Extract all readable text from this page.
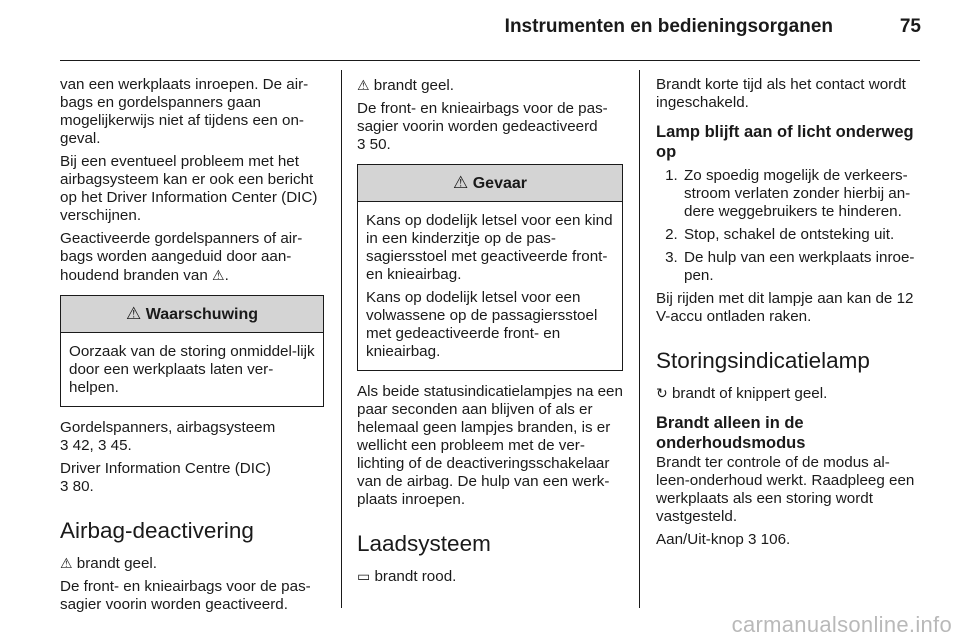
Instrumenten en bedieningsorganen	75

van een werkplaats inroepen. De air-bags en gordelspanners gaan mogelijkerwijs niet af tijdens een on-geval.

Bij een eventueel probleem met het airbagsysteem kan er ook een bericht op het Driver Information Center (DIC) verschijnen.

Geactiveerde gordelspanners of air-bags worden aangeduid door aan-houdend branden van ⚠.

⚠ Waarschuwing

Oorzaak van de storing onmiddel-lijk door een werkplaats laten ver-helpen.

Gordelspanners, airbagsysteem
3 42, 3 45.

Driver Information Centre (DIC)
3 80.

Airbag-deactivering

⚠ brandt geel.

De front- en knieairbags voor de pas-sagier voorin worden geactiveerd.

⚠ brandt geel.

De front- en knieairbags voor de pas-sagier voorin worden gedeactiveerd
3 50.

⚠ Gevaar

Kans op dodelijk letsel voor een kind in een kinderzitje op de pas-sagiersstoel met geactiveerde front- en knieairbag.

Kans op dodelijk letsel voor een volwassene op de passagiersstoel met gedeactiveerde front- en knieairbag.

Als beide statusindicatielampjes na een paar seconden aan blijven of als er helemaal geen lampjes branden, is er wellicht een probleem met de ver-lichting of de deactiveringsschakelaar van de airbag. De hulp van een werk-plaats inroepen.

Laadsysteem

▭ brandt rood.

Brandt korte tijd als het contact wordt ingeschakeld.

Lamp blijft aan of licht onderweg op
1. Zo spoedig mogelijk de verkeers-stroom verlaten zonder hierbij an-dere weggebruikers te hinderen.
2. Stop, schakel de ontsteking uit.
3. De hulp van een werkplaats inroe-pen.

Bij rijden met dit lampje aan kan de 12 V-accu ontladen raken.

Storingsindicatielamp

↻ brandt of knippert geel.

Brandt alleen in de onderhoudsmodus

Brandt ter controle of de modus al-leen-onderhoud werkt. Raadpleeg een werkplaats als een storing wordt vastgesteld.

Aan/Uit-knop 3 106.

carmanualsonline.info
